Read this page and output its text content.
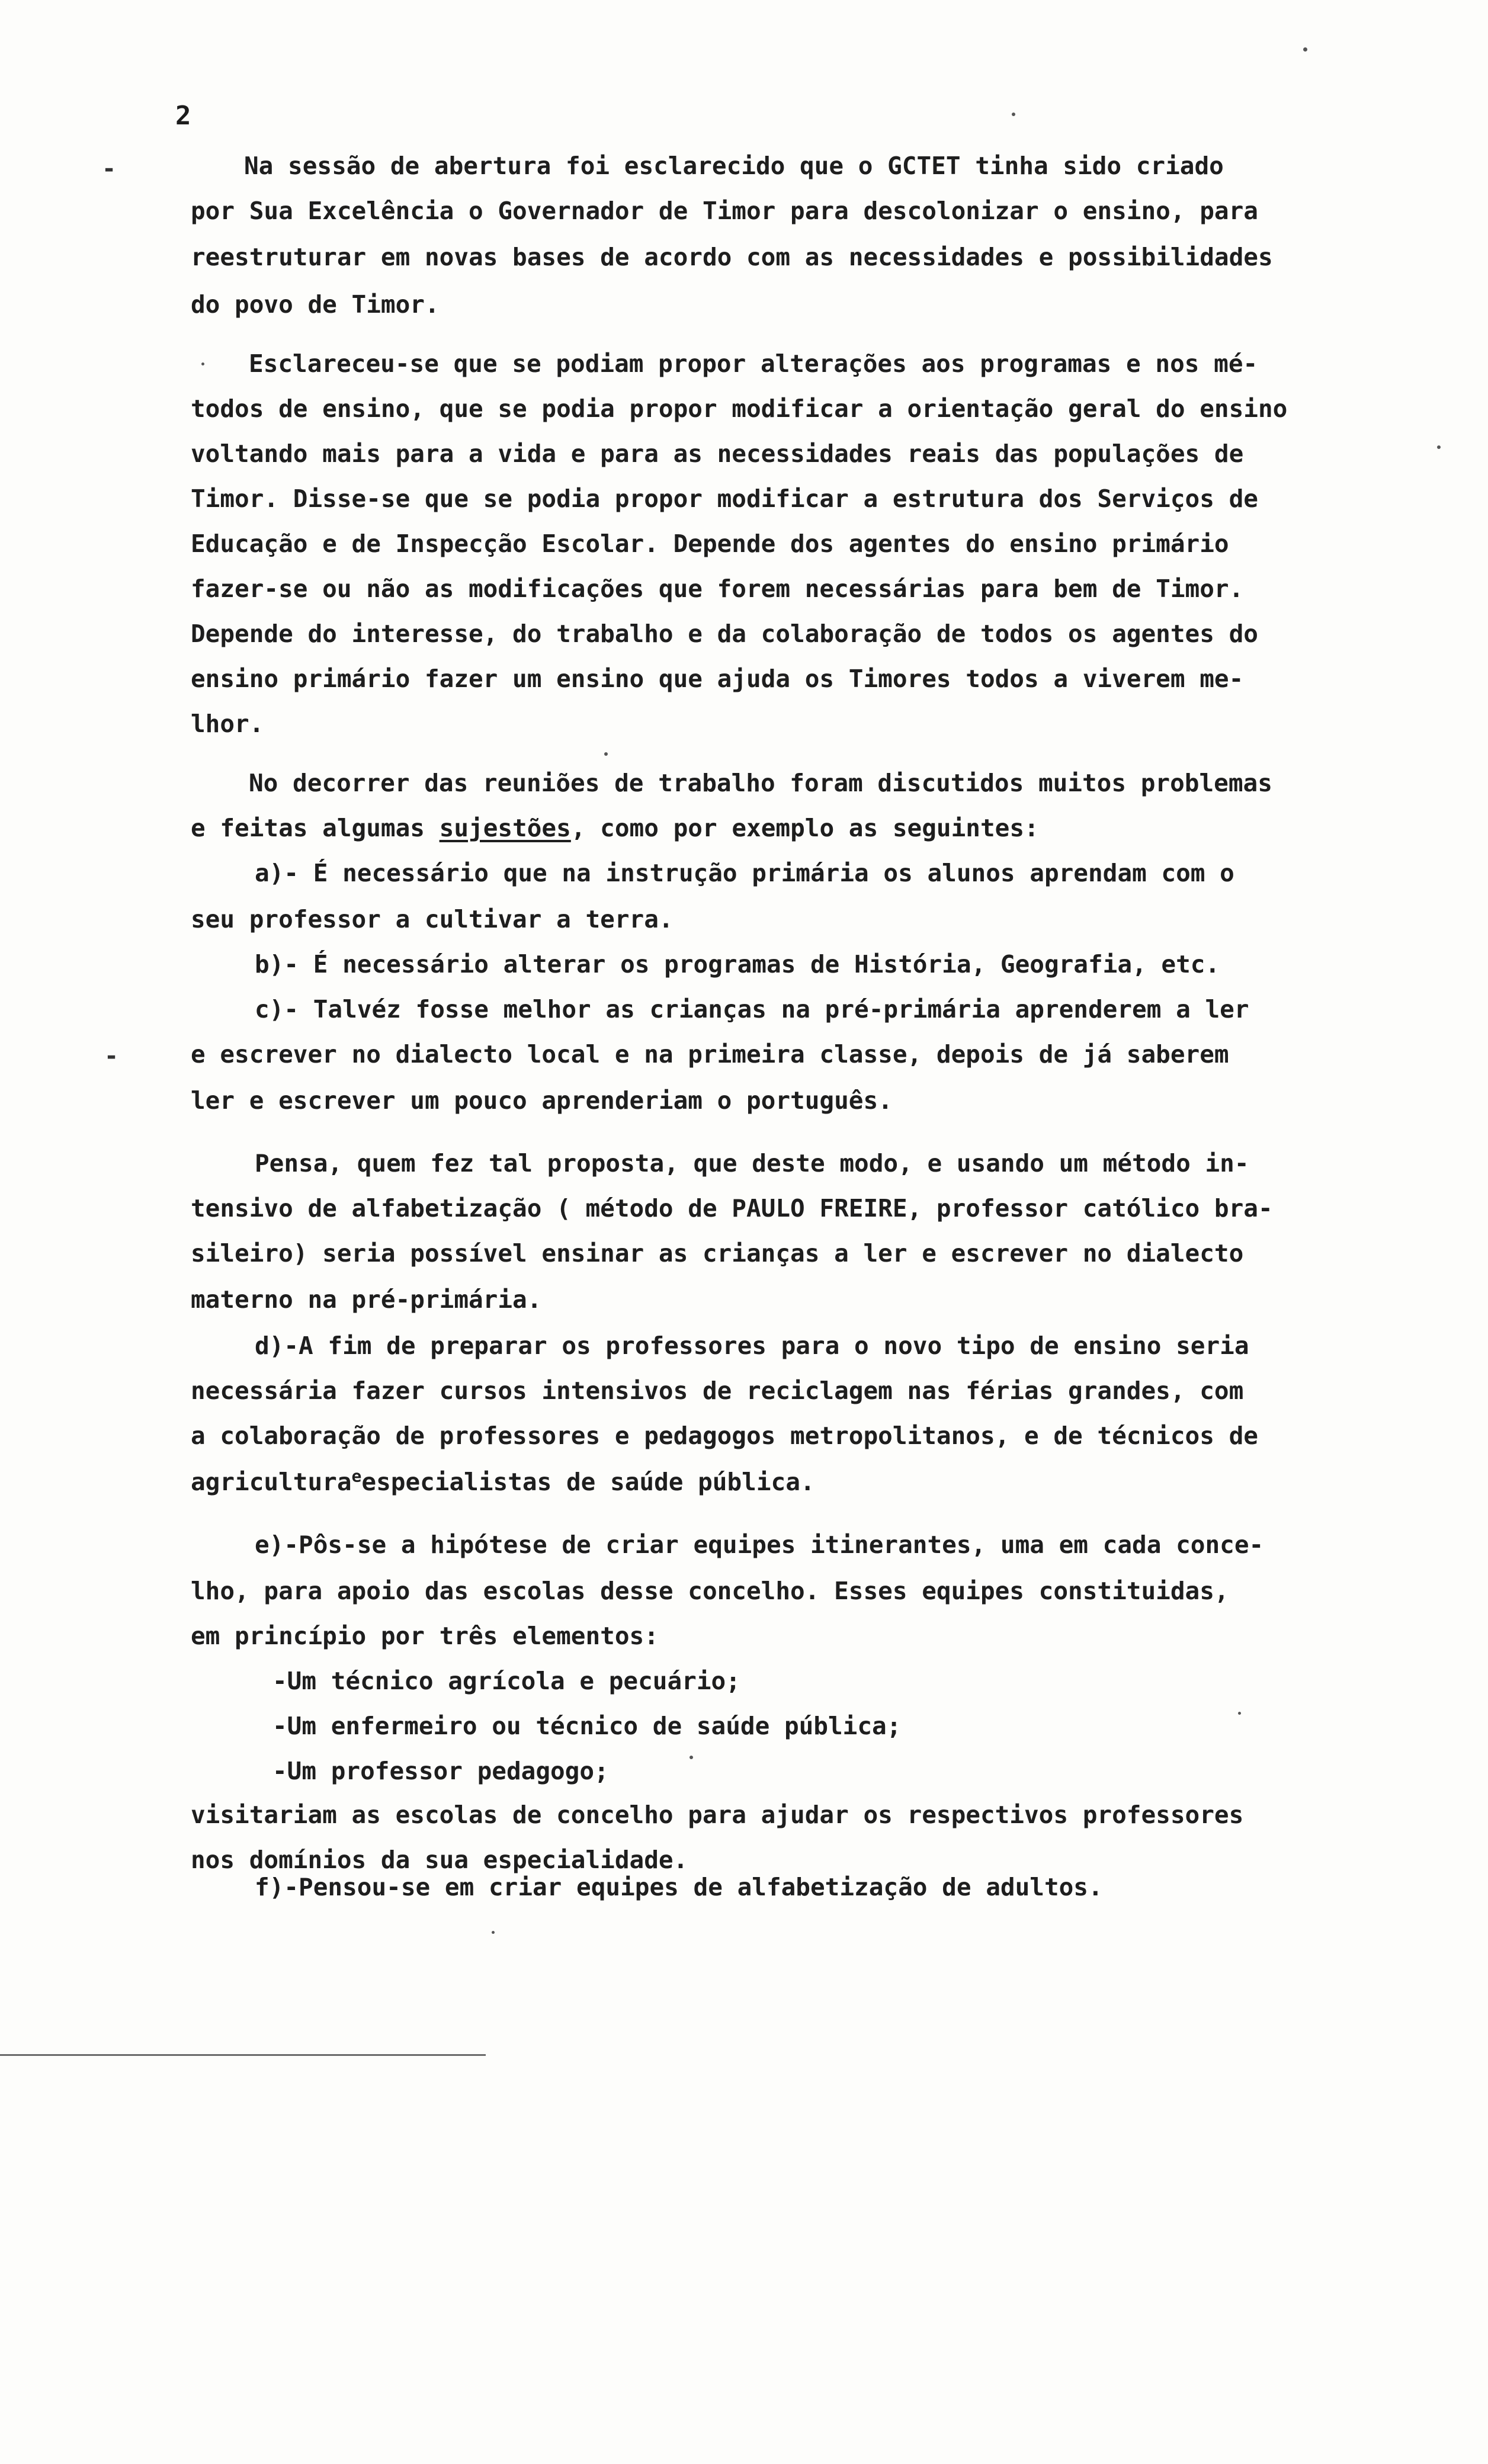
2
-
-
Na sessão de abertura foi esclarecido que o GCTET tinha sido criado
por Sua Excelência o Governador de Timor para descolonizar o ensino, para
reestruturar em novas bases de acordo com as necessidades e possibilidades
do povo de Timor.
Esclareceu-se que se podiam propor alterações aos programas e nos mé-
todos de ensino, que se podia propor modificar a orientação geral do ensino
voltando mais para a vida e para as necessidades reais das populações de
Timor. Disse-se que se podia propor modificar a estrutura dos Serviços de
Educação e de Inspecção Escolar. Depende dos agentes do ensino primário
fazer-se ou não as modificações que forem necessárias para bem de Timor.
Depende do interesse, do trabalho e da colaboração de todos os agentes do
ensino primário fazer um ensino que ajuda os Timores todos a viverem me-
lhor.
No decorrer das reuniões de trabalho foram discutidos muitos problemas
e feitas algumas sujestões, como por exemplo as seguintes:
a)- É necessário que na instrução primária os alunos aprendam com o
seu professor a cultivar a terra.
b)- É necessário alterar os programas de História, Geografia, etc.
c)- Talvéz fosse melhor as crianças na pré-primária aprenderem a ler
e escrever no dialecto local e na primeira classe, depois de já saberem
ler e escrever um pouco aprenderiam o português.
Pensa, quem fez tal proposta, que deste modo, e usando um método in-
tensivo de alfabetização ( método de PAULO FREIRE, professor católico bra-
sileiro) seria possível ensinar as crianças a ler e escrever no dialecto
materno na pré-primária.
d)-A fim de preparar os professores para o novo tipo de ensino seria
necessária fazer cursos intensivos de reciclagem nas férias grandes, com
a colaboração de professores e pedagogos metropolitanos, e de técnicos de
agricultura$^e$especialistas de saúde pública.
e)-Pôs-se a hipótese de criar equipes itinerantes, uma em cada conce-
lho, para apoio das escolas desse concelho. Esses equipes constituidas,
em princípio por três elementos:
-Um técnico agrícola e pecuário;
-Um enfermeiro ou técnico de saúde pública;
-Um professor pedagogo;
visitariam as escolas de concelho para ajudar os respectivos professores
nos domínios da sua especialidade.
f)-Pensou-se em criar equipes de alfabetização de adultos.
